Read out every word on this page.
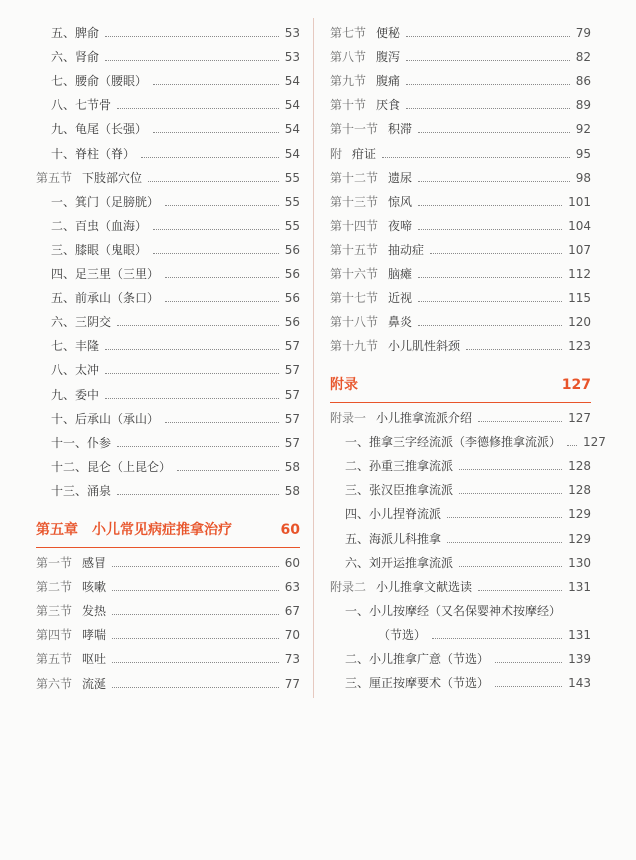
五、脾俞	53
六、肾俞	53
七、腰俞（腰眼）	54
八、七节骨	54
九、龟尾（长强）	54
十、脊柱（脊）	54
第五节 下肢部穴位	55
一、箕门（足膀胱）	55
二、百虫（血海）	55
三、膝眼（鬼眼）	56
四、足三里（三里）	56
五、前承山（条口）	56
六、三阴交	56
七、丰隆	57
八、太冲	57
九、委中	57
十、后承山（承山）	57
十一、仆参	57
十二、昆仑（上昆仑）	58
十三、涌泉	58
第五章　小儿常见病症推拿治疗	60
第一节 感冒	60
第二节 咳嗽	63
第三节 发热	67
第四节 哮喘	70
第五节 呕吐	73
第六节 流涎	77
第七节 便秘	79
第八节 腹泻	82
第九节 腹痛	86
第十节 厌食	89
第十一节 积滞	92
附 疳证	95
第十二节 遗尿	98
第十三节 惊风	101
第十四节 夜啼	104
第十五节 抽动症	107
第十六节 脑瘫	112
第十七节 近视	115
第十八节 鼻炎	120
第十九节 小儿肌性斜颈	123
附录	127
附录一 小儿推拿流派介绍	127
一、推拿三字经流派（李德修推拿流派） 127
二、孙重三推拿流派	128
三、张汉臣推拿流派	128
四、小儿捏脊流派	129
五、海派儿科推拿	129
六、刘开运推拿流派	130
附录二 小儿推拿文献选读	131
一、小儿按摩经（又名保婴神术按摩经）
（节选）	131
二、小儿推拿广意（节选）	139
三、厘正按摩要术（节选）	143
